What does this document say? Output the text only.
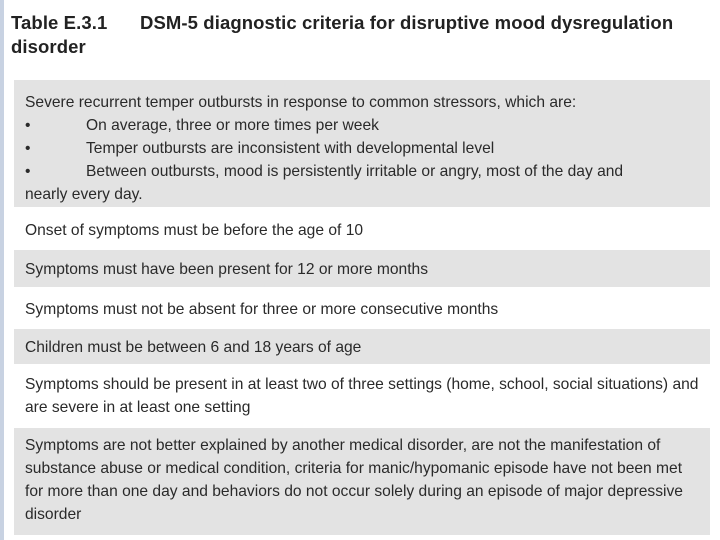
Table E.3.1 DSM-5 diagnostic criteria for disruptive mood dysregulation disorder
Severe recurrent temper outbursts in response to common stressors, which are:
•	On average, three or more times per week
•	Temper outbursts are inconsistent with developmental level
•	Between outbursts, mood is persistently irritable or angry, most of the day and
nearly every day.
Onset of symptoms must be before the age of 10
Symptoms must have been present for 12 or more months
Symptoms must not be absent for three or more consecutive months
Children must be between 6 and 18 years of age
Symptoms should be present in at least two of three settings (home, school, social situations) and are severe in at least one setting
Symptoms are not better explained by another medical disorder, are not the manifestation of substance abuse or medical condition, criteria for manic/hypomanic episode have not been met for more than one day and behaviors do not occur solely during an episode of major depressive disorder
